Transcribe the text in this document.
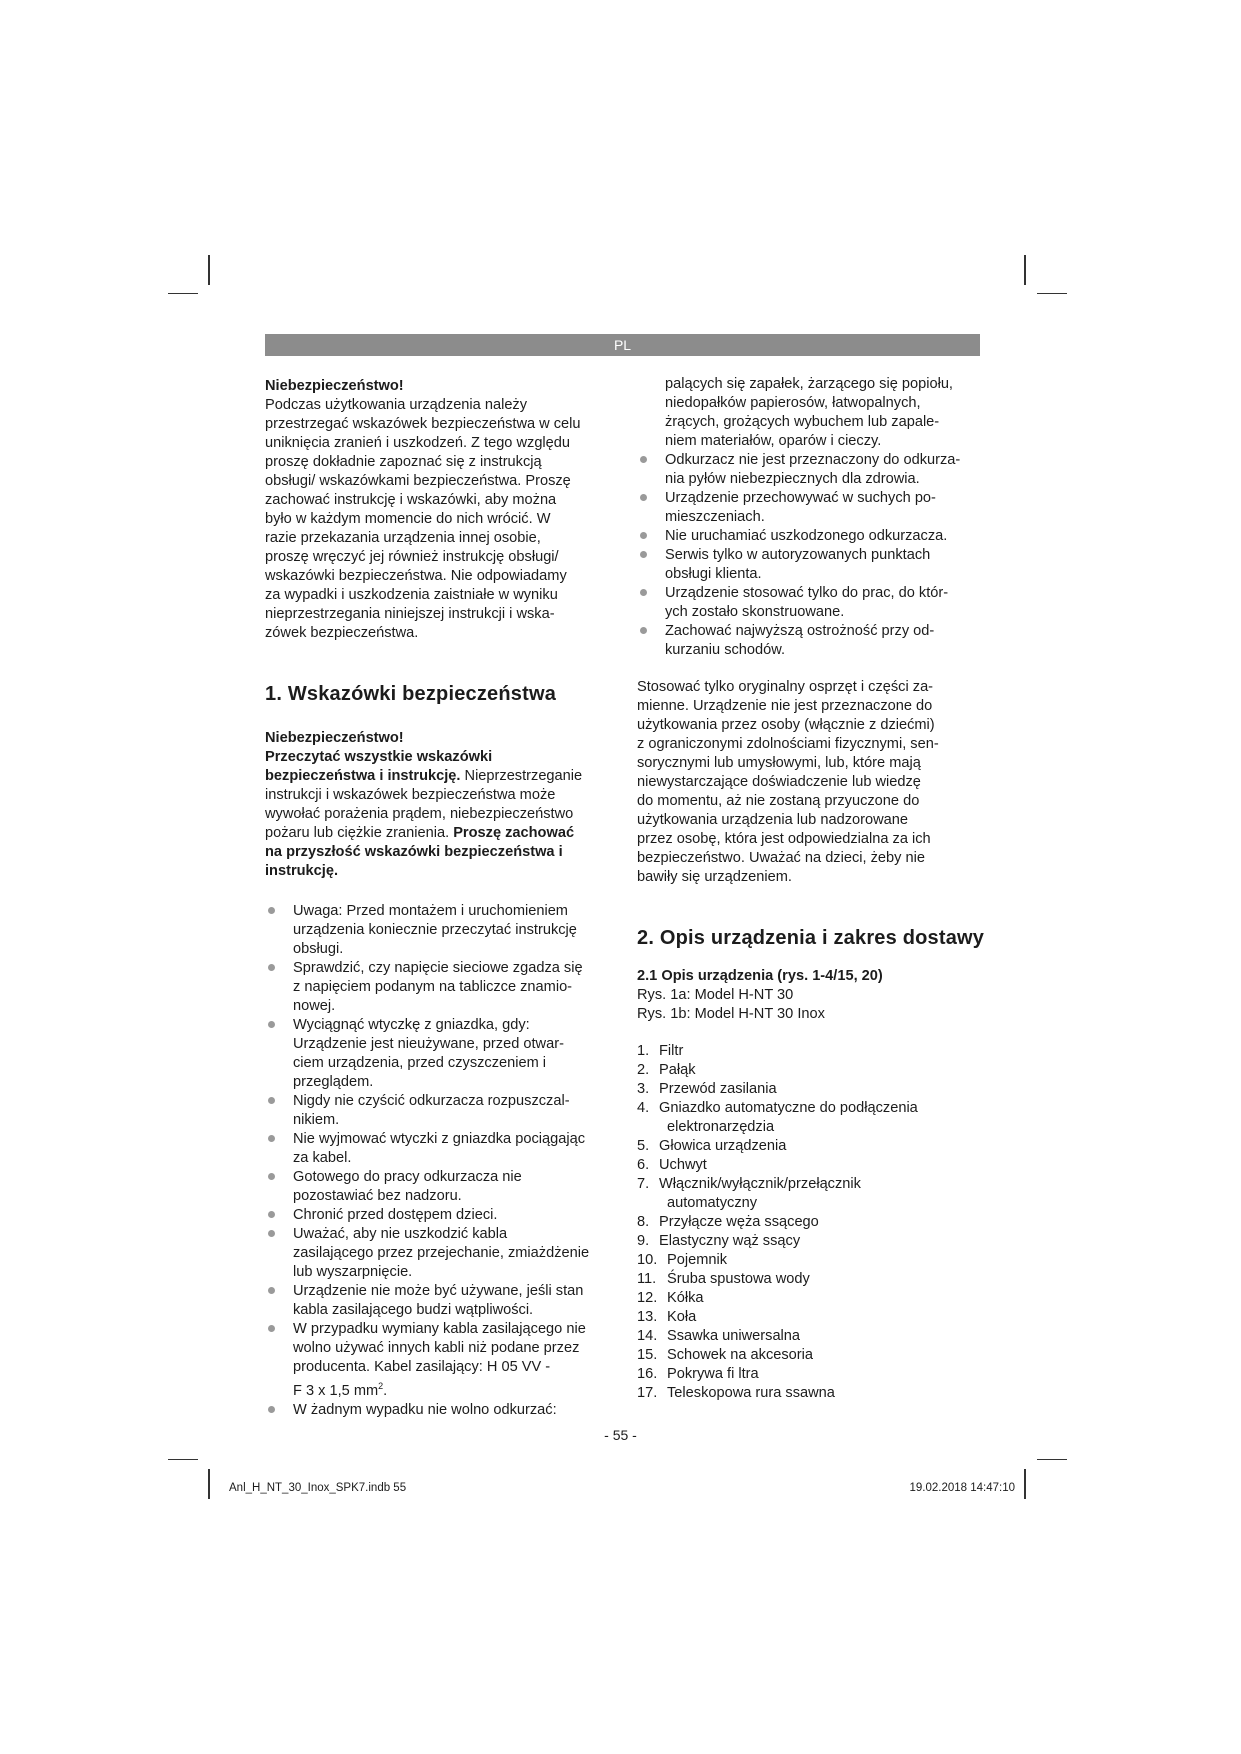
PL

Niebezpieczeństwo!

Podczas użytkowania urządzenia należy

przestrzegać wskazówek bezpieczeństwa w celu

uniknięcia zranień i uszkodzeń. Z tego względu

proszę dokładnie zapoznać się z instrukcją

obsługi/ wskazówkami bezpieczeństwa. Proszę

zachować instrukcję i wskazówki, aby można

było w każdym momencie do nich wrócić. W

razie przekazania urządzenia innej osobie,

proszę wręczyć jej również instrukcję obsługi/

wskazówki bezpieczeństwa. Nie odpowiadamy

za wypadki i uszkodzenia zaistniałe w wyniku

nieprzestrzegania niniejszej instrukcji i wska-

zówek bezpieczeństwa.

1. Wskazówki bezpieczeństwa

Niebezpieczeństwo!

Przeczytać wszystkie wskazówki

bezpieczeństwa i instrukcję. Nieprzestrzeganie

instrukcji i wskazówek bezpieczeństwa może

wywołać porażenia prądem, niebezpieczeństwo

pożaru lub ciężkie zranienia. Proszę zachować

na przyszłość wskazówki bezpieczeństwa i

instrukcję.

Uwaga: Przed montażem i uruchomieniem

urządzenia koniecznie przeczytać instrukcję

obsługi.

Sprawdzić, czy napięcie sieciowe zgadza się

z napięciem podanym na tabliczce znamio-

nowej.

Wyciągnąć wtyczkę z gniazdka, gdy:

Urządzenie jest nieużywane, przed otwar-

ciem urządzenia, przed czyszczeniem i

przeglądem.

Nigdy nie czyścić odkurzacza rozpuszczal-

nikiem.

Nie wyjmować wtyczki z gniazdka pociągając

za kabel.

Gotowego do pracy odkurzacza nie

pozostawiać bez nadzoru.

Chronić przed dostępem dzieci.

Uważać, aby nie uszkodzić kabla

zasilającego przez przejechanie, zmiażdżenie

lub wyszarpnięcie.

Urządzenie nie może być używane, jeśli stan

kabla zasilającego budzi wątpliwości.

W przypadku wymiany kabla zasilającego nie

wolno używać innych kabli niż podane przez

producenta. Kabel zasilający: H 05 VV -

F 3 x 1,5 $mm^2$.

W żadnym wypadku nie wolno odkurzać:

palących się zapałek, żarzącego się popiołu,

niedopałków papierosów, łatwopalnych,

żrących, grożących wybuchem lub zapale-

niem materiałów, oparów i cieczy.

Odkurzacz nie jest przeznaczony do odkurza-

nia pyłów niebezpiecznych dla zdrowia.

Urządzenie przechowywać w suchych po-

mieszczeniach.

Nie uruchamiać uszkodzonego odkurzacza.

Serwis tylko w autoryzowanych punktach

obsługi klienta.

Urządzenie stosować tylko do prac, do któr-

ych zostało skonstruowane.

Zachować najwyższą ostrożność przy od-

kurzaniu schodów.

Stosować tylko oryginalny osprzęt i części za-

mienne. Urządzenie nie jest przeznaczone do

użytkowania przez osoby (włącznie z dziećmi)

z ograniczonymi zdolnościami fizycznymi, sen-

sorycznymi lub umysłowymi, lub, które mają

niewystarczające doświadczenie lub wiedzę

do momentu, aż nie zostaną przyuczone do

użytkowania urządzenia lub nadzorowane

przez osobę, która jest odpowiedzialna za ich

bezpieczeństwo. Uważać na dzieci, żeby nie

bawiły się urządzeniem.

2. Opis urządzenia i zakres dostawy

2.1 Opis urządzenia (rys. 1-4/15, 20)

Rys. 1a: Model H-NT 30

Rys. 1b: Model H-NT 30 Inox

1. Filtr

2. Pałąk

3. Przewód zasilania

4. Gniazdko automatyczne do podłączenia

elektronarzędzia

5. Głowica urządzenia

6. Uchwyt

7. Włącznik/wyłącznik/przełącznik

automatyczny

8. Przyłącze węża ssącego

9. Elastyczny wąż ssący

10. Pojemnik

11. Śruba spustowa wody

12. Kółka

13. Koła

14. Ssawka uniwersalna

15. Schowek na akcesoria

16. Pokrywa fi ltra

17. Teleskopowa rura ssawna

- 55 -
Anl_H_NT_30_Inox_SPK7.indb 55	19.02.2018 14:47:10
